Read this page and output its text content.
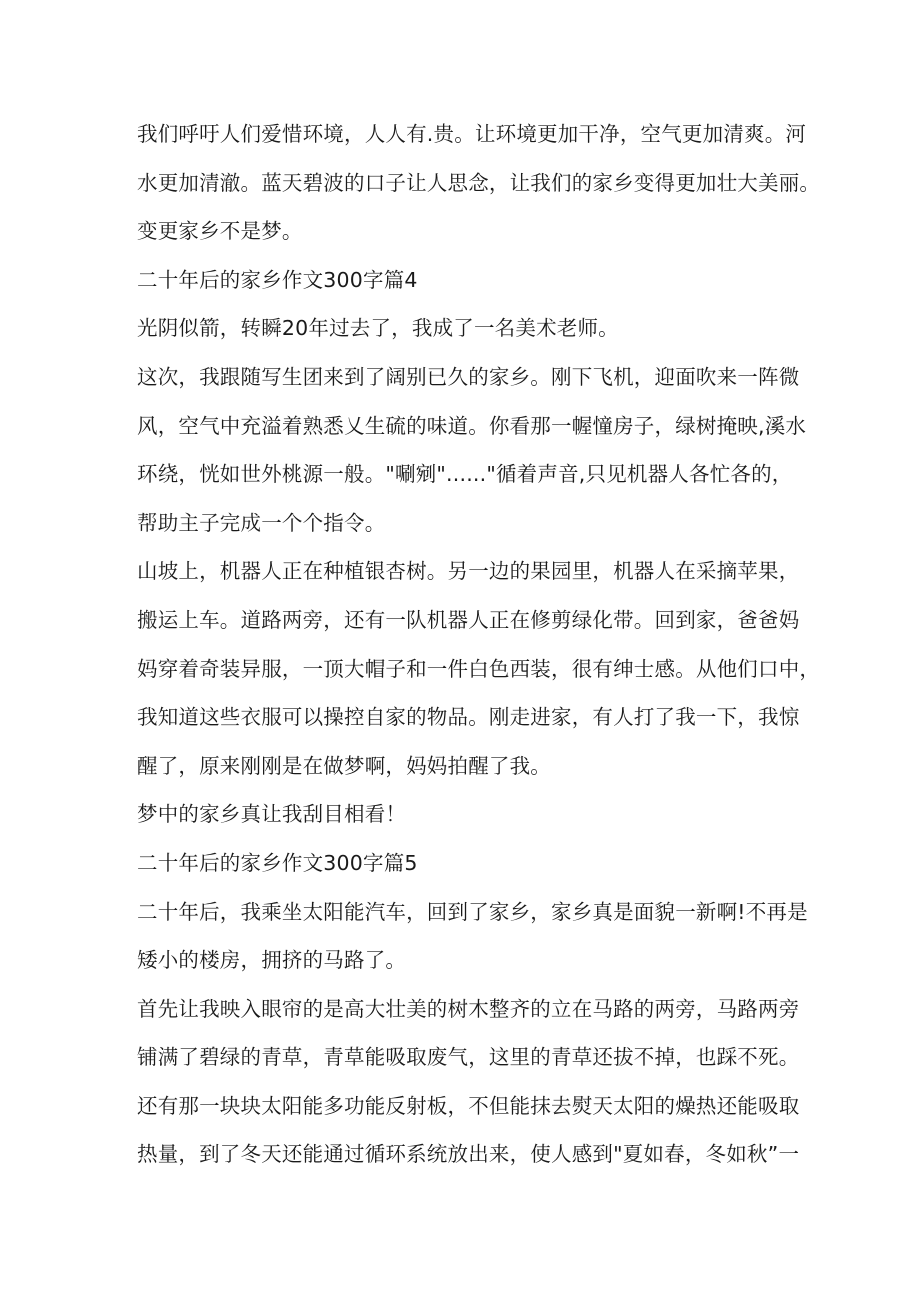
我们呼吁人们爱惜环境，人人有.贵。让环境更加干净，空气更加清爽。河
水更加清澈。蓝天碧波的口子让人思念，让我们的家乡变得更加壮大美丽。
变更家乡不是梦。
二十年后的家乡作文300字篇4
光阴似箭，转瞬20年过去了，我成了一名美术老师。
这次，我跟随写生团来到了阔别已久的家乡。刚下飞机，迎面吹来一阵微
风，空气中充溢着熟悉乂生硫的味道。你看那一幄憧房子，绿树掩映,溪水
环绕，恍如世外桃源一般。"唰剜"......"循着声音,只见机器人各忙各的，
帮助主子完成一个个指令。
山坡上，机器人正在种植银杏树。另一边的果园里，机器人在采摘苹果，
搬运上车。道路两旁，还有一队机器人正在修剪绿化带。回到家，爸爸妈
妈穿着奇装异服，一顶大帽子和一件白色西装，很有绅士感。从他们口中，
我知道这些衣服可以操控自家的物品。刚走进家，有人打了我一下，我惊
醒了，原来刚刚是在做梦啊，妈妈拍醒了我。
梦中的家乡真让我刮目相看！
二十年后的家乡作文300字篇5
二十年后，我乘坐太阳能汽车，回到了家乡，家乡真是面貌一新啊!不再是
矮小的楼房，拥挤的马路了。
首先让我映入眼帘的是高大壮美的树木整齐的立在马路的两旁，马路两旁
铺满了碧绿的青草，青草能吸取废气，这里的青草还拔不掉，也踩不死。
还有那一块块太阳能多功能反射板，不但能抹去熨天太阳的燥热还能吸取
热量，到了冬天还能通过循环系统放出来，使人感到"夏如春，冬如秋”一
